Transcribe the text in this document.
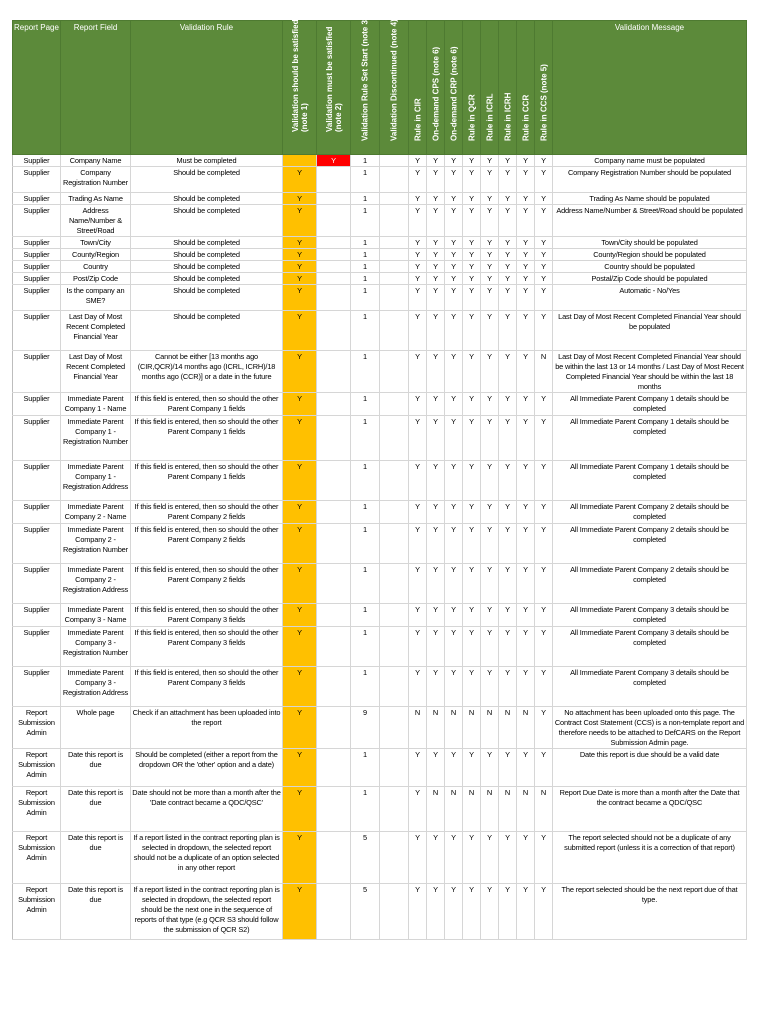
Report Page	Report Field	Validation Rule	Validation should be satisfied (note 1)	Validation must be satisfied (note 2)	Validation Rule Set Start (note 3)	Validation Discontinued (note 4)	Rule in CIR	On-demand CPS (note 6)	On-demand CRP (note 6)	Rule in QCR	Rule in ICRL	Rule in ICRH	Rule in CCR	Rule in CCS (note 5)	Validation Message

Supplier	Company Name	Must be completed		Y	1		Y	Y	Y	Y	Y	Y	Y	Y	Company name must be populated
Supplier	Company Registration Number	Should be completed	Y		1		Y	Y	Y	Y	Y	Y	Y	Y	Company Registration Number should be populated
Supplier	Trading As Name	Should be completed	Y		1		Y	Y	Y	Y	Y	Y	Y	Y	Trading As Name should be populated
Supplier	Address Name/Number & Street/Road	Should be completed	Y		1		Y	Y	Y	Y	Y	Y	Y	Y	Address Name/Number & Street/Road should be populated
Supplier	Town/City	Should be completed	Y		1		Y	Y	Y	Y	Y	Y	Y	Y	Town/City should be populated
Supplier	County/Region	Should be completed	Y		1		Y	Y	Y	Y	Y	Y	Y	Y	County/Region should be populated
Supplier	Country	Should be completed	Y		1		Y	Y	Y	Y	Y	Y	Y	Y	Country should be populated
Supplier	Post/Zip Code	Should be completed	Y		1		Y	Y	Y	Y	Y	Y	Y	Y	Postal/Zip Code should be populated
Supplier	Is the company an SME?	Should be completed	Y		1		Y	Y	Y	Y	Y	Y	Y	Y	Automatic - No/Yes
Supplier	Last Day of Most Recent Completed Financial Year	Should be completed	Y		1		Y	Y	Y	Y	Y	Y	Y	Y	Last Day of Most Recent Completed Financial Year should be populated
Supplier	Last Day of Most Recent Completed Financial Year	Cannot be either [13 months ago (CIR,QCR)/14 months ago (ICRL, ICRH)/18 months ago (CCR)] or a date in the future	Y		1		Y	Y	Y	Y	Y	Y	Y	N	Last Day of Most Recent Completed Financial Year should be within the last 13 or 14 months / Last Day of Most Recent Completed Financial Year should be within the last 18 months
Supplier	Immediate Parent Company 1 - Name	If this field is entered, then so should the other Parent Company 1 fields	Y		1		Y	Y	Y	Y	Y	Y	Y	Y	All Immediate Parent Company 1 details should be completed
Supplier	Immediate Parent Company 1 - Registration Number	If this field is entered, then so should the other Parent Company 1 fields	Y		1		Y	Y	Y	Y	Y	Y	Y	Y	All Immediate Parent Company 1 details should be completed
Supplier	Immediate Parent Company 1 - Registration Address	If this field is entered, then so should the other Parent Company 1 fields	Y		1		Y	Y	Y	Y	Y	Y	Y	Y	All Immediate Parent Company 1 details should be completed
Supplier	Immediate Parent Company 2 - Name	If this field is entered, then so should the other Parent Company 2 fields	Y		1		Y	Y	Y	Y	Y	Y	Y	Y	All Immediate Parent Company 2 details should be completed
Supplier	Immediate Parent Company 2 - Registration Number	If this field is entered, then so should the other Parent Company 2 fields	Y		1		Y	Y	Y	Y	Y	Y	Y	Y	All Immediate Parent Company 2 details should be completed
Supplier	Immediate Parent Company 2 - Registration Address	If this field is entered, then so should the other Parent Company 2 fields	Y		1		Y	Y	Y	Y	Y	Y	Y	Y	All Immediate Parent Company 2 details should be completed
Supplier	Immediate Parent Company 3 - Name	If this field is entered, then so should the other Parent Company 3 fields	Y		1		Y	Y	Y	Y	Y	Y	Y	Y	All Immediate Parent Company 3 details should be completed
Supplier	Immediate Parent Company 3 - Registration Number	If this field is entered, then so should the other Parent Company 3 fields	Y		1		Y	Y	Y	Y	Y	Y	Y	Y	All Immediate Parent Company 3 details should be completed
Supplier	Immediate Parent Company 3 - Registration Address	If this field is entered, then so should the other Parent Company 3 fields	Y		1		Y	Y	Y	Y	Y	Y	Y	Y	All Immediate Parent Company 3 details should be completed
Report Submission Admin	Whole page	Check if an attachment has been uploaded into the report	Y		9		N	N	N	N	N	N	N	Y	No attachment has been uploaded onto this page. The Contract Cost Statement (CCS) is a non-template report and therefore needs to be attached to DefCARS on the Report Submission Admin page.
Report Submission Admin	Date this report is due	Should be completed (either a report from the dropdown OR the 'other' option and a date)	Y		1		Y	Y	Y	Y	Y	Y	Y	Y	Date this report is due should be a valid date
Report Submission Admin	Date this report is due	Date should not be more than a month after the 'Date contract became a QDC/QSC'	Y		1		Y	N	N	N	N	N	N	N	Report Due Date is more than a month after the Date that the contract became a QDC/QSC
Report Submission Admin	Date this report is due	If a report listed in the contract reporting plan is selected in dropdown, the selected report should not be a duplicate of an option selected in any other report	Y		5		Y	Y	Y	Y	Y	Y	Y	Y	The report selected should not be a duplicate of any submitted report (unless it is a correction of that report)
Report Submission Admin	Date this report is due	If a report listed in the contract reporting plan is selected in dropdown, the selected report should be the next one in the sequence of reports of that type (e.g QCR S3 should follow the submission of QCR S2)	Y		5		Y	Y	Y	Y	Y	Y	Y	Y	The report selected should be the next report due of that type.
